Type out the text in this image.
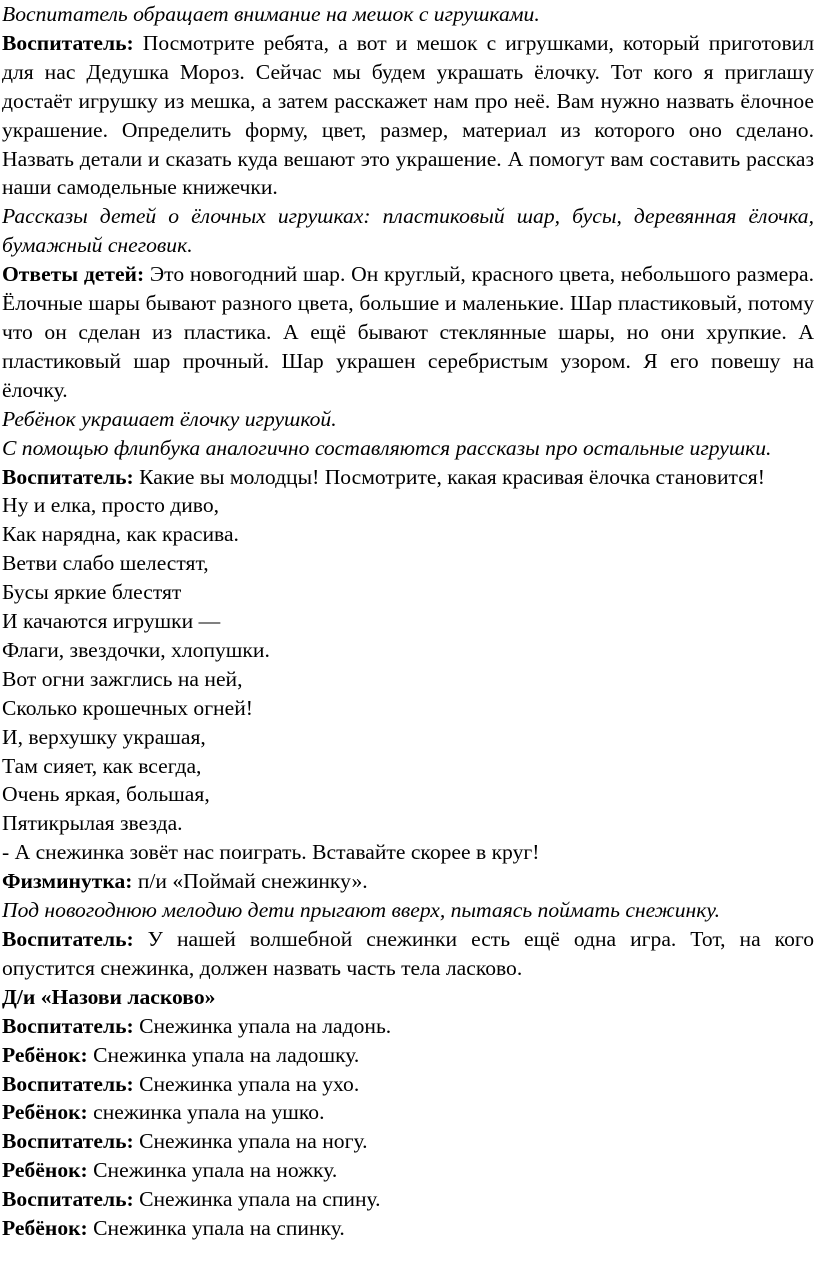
Воспитатель обращает внимание на мешок с игрушками.

Воспитатель: Посмотрите ребята, а вот и мешок с игрушками, который приготовил для нас Дедушка Мороз. Сейчас мы будем украшать ёлочку. Тот кого я приглашу достаёт игрушку из мешка, а затем расскажет нам про неё. Вам нужно назвать ёлочное украшение. Определить форму, цвет, размер, материал из которого оно сделано. Назвать детали и сказать куда вешают это украшение. А помогут вам составить рассказ наши самодельные книжечки.

Рассказы детей о ёлочных игрушках: пластиковый шар, бусы, деревянная ёлочка, бумажный снеговик.

Ответы детей: Это новогодний шар. Он круглый, красного цвета, небольшого размера. Ёлочные шары бывают разного цвета, большие и маленькие. Шар пластиковый, потому что он сделан из пластика. А ещё бывают стеклянные шары, но они хрупкие. А пластиковый шар прочный. Шар украшен серебристым узором. Я его повешу на ёлочку.

Ребёнок украшает ёлочку игрушкой.

С помощью флипбука аналогично составляются рассказы про остальные игрушки.

Воспитатель: Какие вы молодцы! Посмотрите, какая красивая ёлочка становится!

Ну и елка, просто диво,

Как нарядна, как красива.

Ветви слабо шелестят,

Бусы яркие блестят

И качаются игрушки —

Флаги, звездочки, хлопушки.

Вот огни зажглись на ней,

Сколько крошечных огней!

И, верхушку украшая,

Там сияет, как всегда,

Очень яркая, большая,

Пятикрылая звезда.

- А снежинка зовёт нас поиграть. Вставайте скорее в круг!

Физминутка: п/и «Поймай снежинку».

Под новогоднюю мелодию дети прыгают вверх, пытаясь поймать снежинку.

Воспитатель: У нашей волшебной снежинки есть ещё одна игра. Тот, на кого опустится снежинка, должен назвать часть тела ласково.

Д/и «Назови ласково»

Воспитатель: Снежинка упала на ладонь.

Ребёнок: Снежинка упала на ладошку.

Воспитатель: Снежинка упала на ухо.

Ребёнок: снежинка упала на ушко.

Воспитатель: Снежинка упала на ногу.

Ребёнок: Снежинка упала на ножку.

Воспитатель: Снежинка упала на спину.

Ребёнок: Снежинка упала на спинку.
